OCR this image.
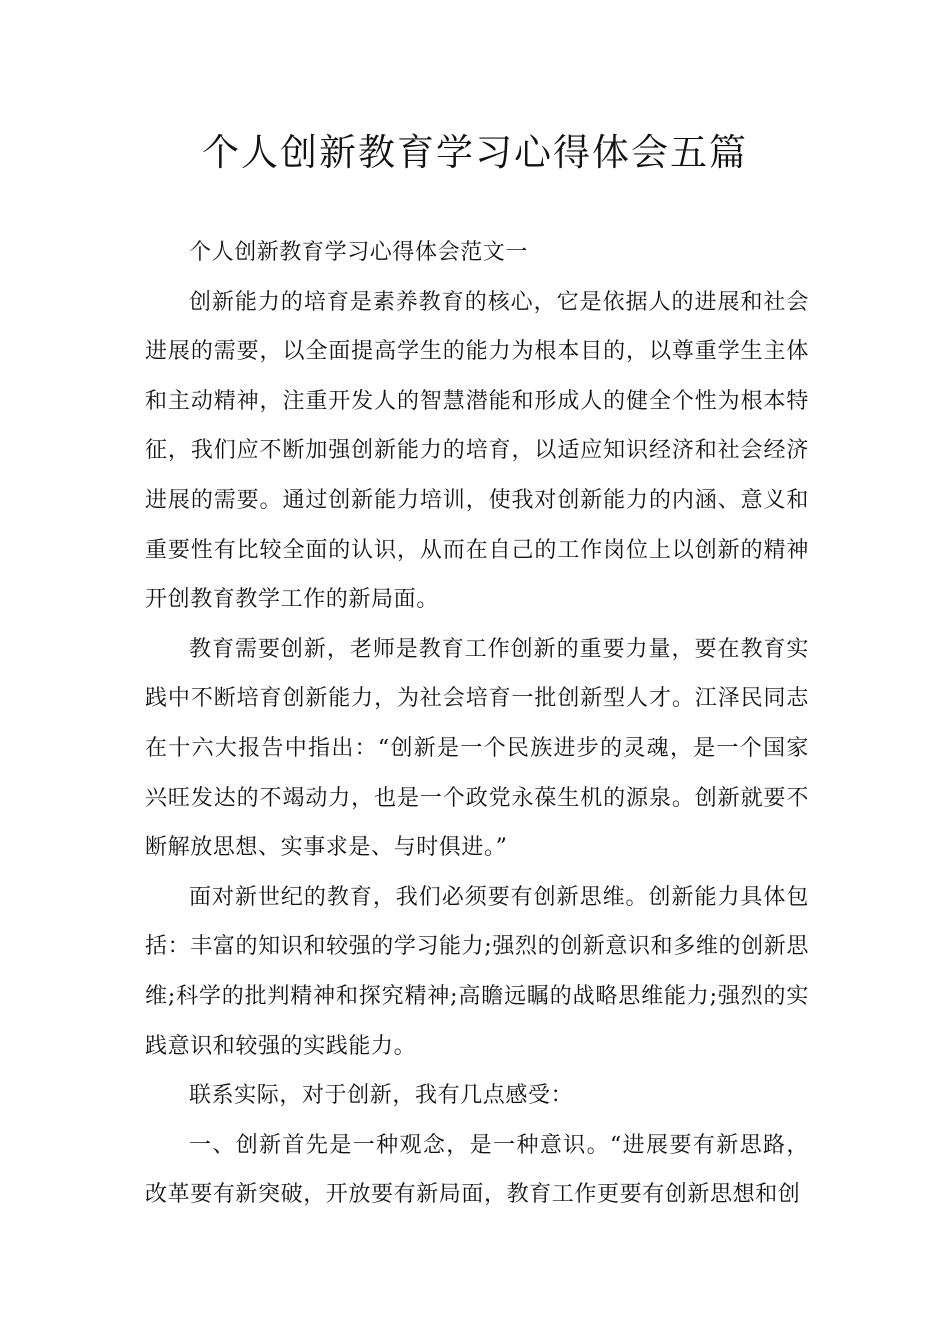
个人创新教育学习心得体会五篇

个人创新教育学习心得体会范文一

创新能力的培育是素养教育的核心，它是依据人的进展和社会进展的需要，以全面提高学生的能力为根本目的，以尊重学生主体和主动精神，注重开发人的智慧潜能和形成人的健全个性为根本特征，我们应不断加强创新能力的培育，以适应知识经济和社会经济进展的需要。通过创新能力培训，使我对创新能力的内涵、意义和重要性有比较全面的认识，从而在自己的工作岗位上以创新的精神开创教育教学工作的新局面。

教育需要创新，老师是教育工作创新的重要力量，要在教育实践中不断培育创新能力，为社会培育一批创新型人才。江泽民同志在十六大报告中指出：“创新是一个民族进步的灵魂，是一个国家兴旺发达的不竭动力，也是一个政党永葆生机的源泉。创新就要不断解放思想、实事求是、与时俱进。”

面对新世纪的教育，我们必须要有创新思维。创新能力具体包括：丰富的知识和较强的学习能力;强烈的创新意识和多维的创新思维;科学的批判精神和探究精神;高瞻远瞩的战略思维能力;强烈的实践意识和较强的实践能力。

联系实际，对于创新，我有几点感受：

一、创新首先是一种观念，是一种意识。“进展要有新思路，改革要有新突破，开放要有新局面，教育工作更要有创新思想和创
